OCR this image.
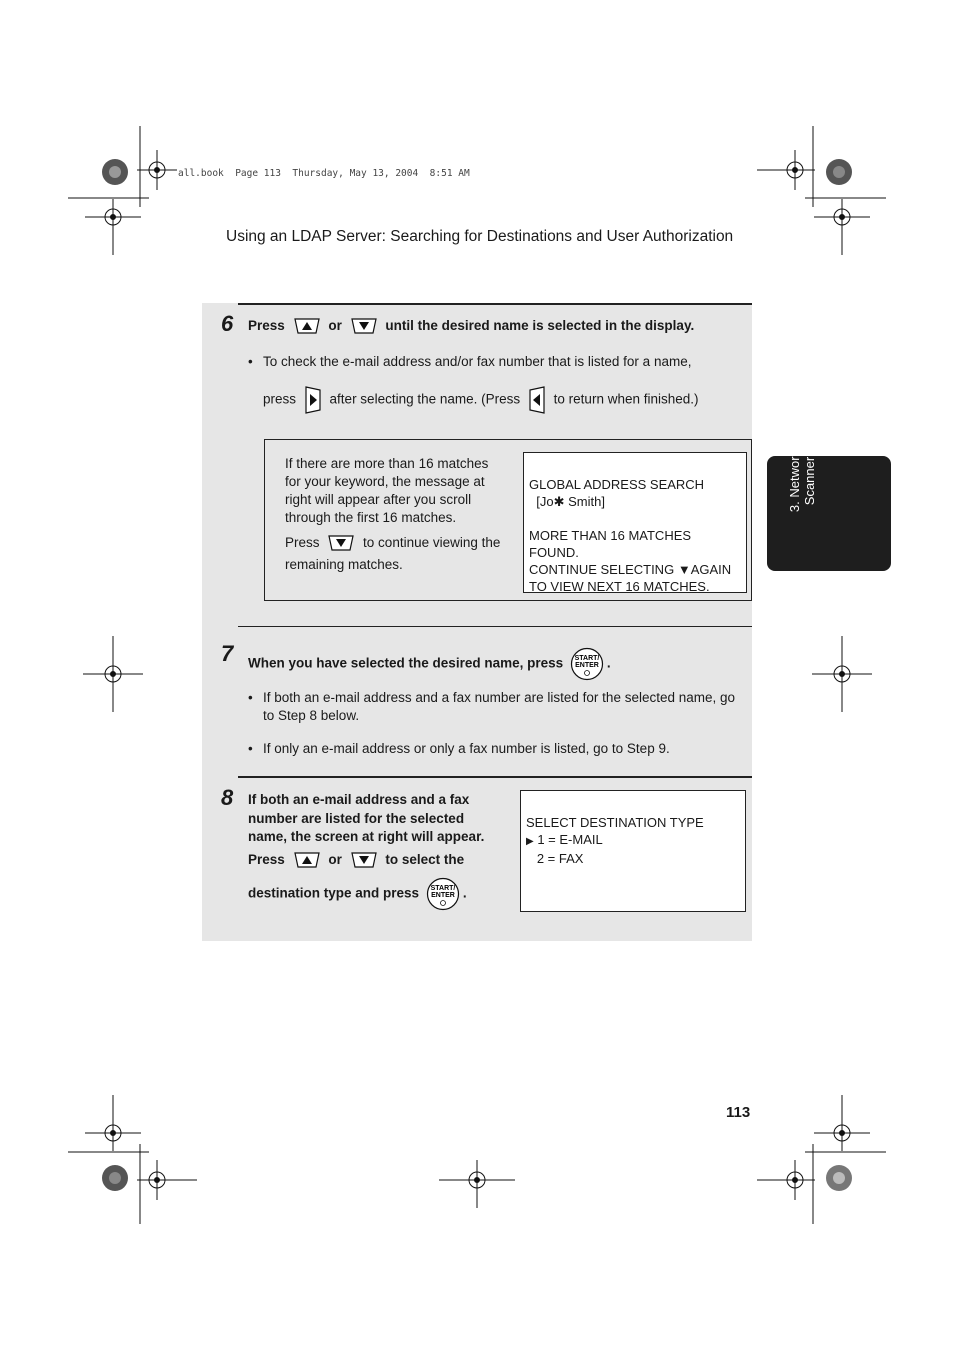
all.book  Page 113  Thursday, May 13, 2004  8:51 AM
Using an LDAP Server: Searching for Destinations and User Authorization
3. Network
Scanner
6 Press	or	until the desired name is selected in the display.
• To check the e-mail address and/or fax number that is listed for a name,
press after selecting the name. (Press to return when finished.)
If there are more than 16 matches for your keyword, the message at right will appear after you scroll through the first 16 matches.
Press	to continue viewing the remaining matches.

GLOBAL ADDRESS SEARCH
[Jo✱ Smith]

MORE THAN 16 MATCHES
FOUND.
CONTINUE SELECTING ▼AGAIN
TO VIEW NEXT 16 MATCHES.
7 When you have selected the desired name, press START/
ENTER .
• If both an e-mail address and a fax number are listed for the selected name, go to Step 8 below.
• If only an e-mail address or only a fax number is listed, go to Step 9.
8 If both an e-mail address and a fax number are listed for the selected name, the screen at right will appear.
Press	or	to select the
destination type and press START/
ENTER .

SELECT DESTINATION TYPE
▶ 1 = E-MAIL
2 = FAX
113
